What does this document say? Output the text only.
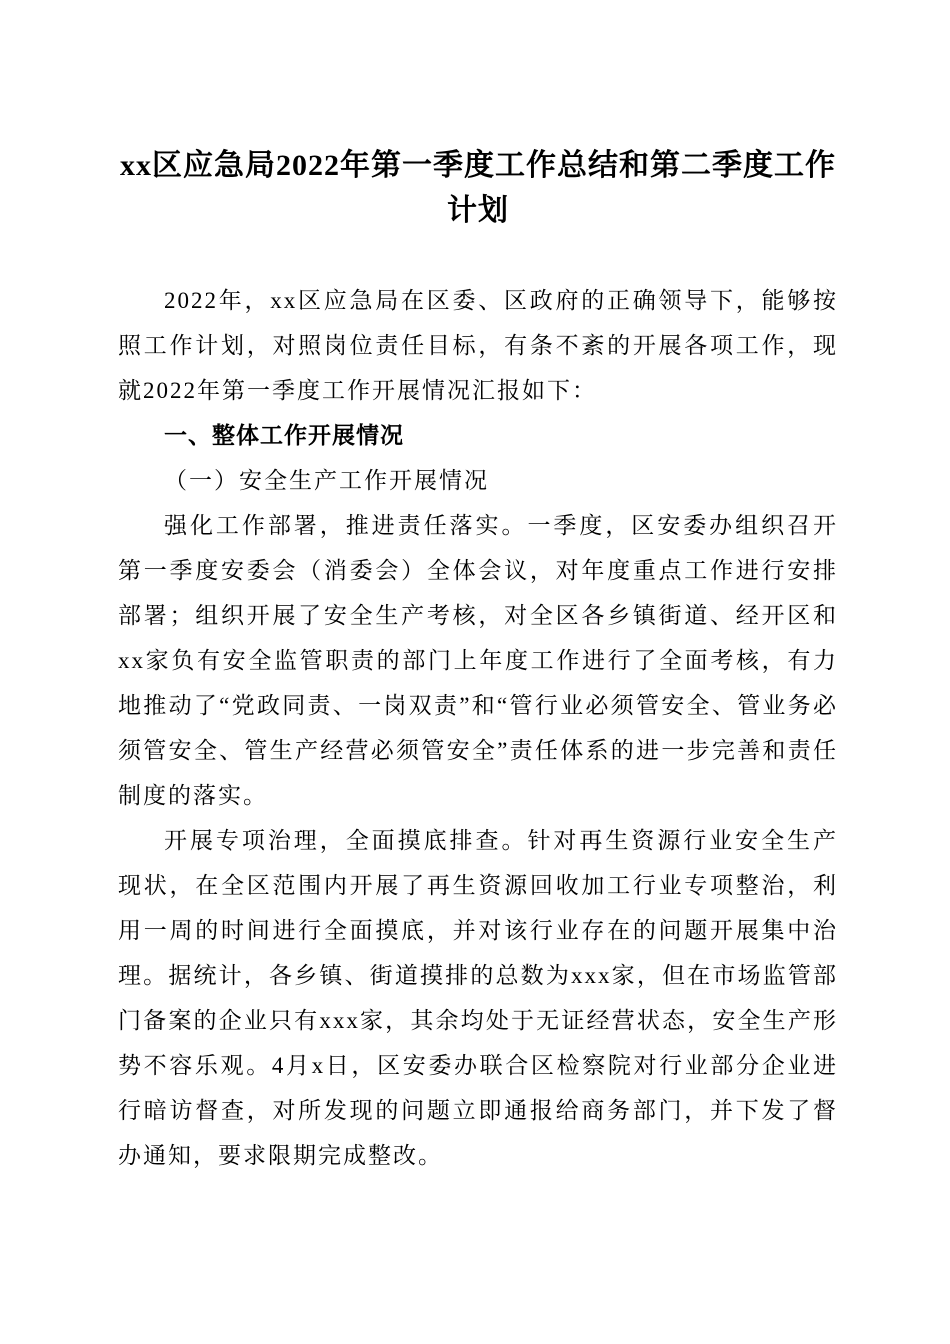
xx区应急局2022年第一季度工作总结和第二季度工作计划

2022年，xx区应急局在区委、区政府的正确领导下，能够按照工作计划，对照岗位责任目标，有条不紊的开展各项工作，现就2022年第一季度工作开展情况汇报如下：

一、整体工作开展情况
（一）安全生产工作开展情况

强化工作部署，推进责任落实。一季度，区安委办组织召开第一季度安委会（消委会）全体会议，对年度重点工作进行安排部署；组织开展了安全生产考核，对全区各乡镇街道、经开区和xx家负有安全监管职责的部门上年度工作进行了全面考核，有力地推动了“党政同责、一岗双责”和“管行业必须管安全、管业务必须管安全、管生产经营必须管安全”责任体系的进一步完善和责任制度的落实。

开展专项治理，全面摸底排查。针对再生资源行业安全生产现状，在全区范围内开展了再生资源回收加工行业专项整治，利用一周的时间进行全面摸底，并对该行业存在的问题开展集中治理。据统计，各乡镇、街道摸排的总数为xxx家，但在市场监管部门备案的企业只有xxx家，其余均处于无证经营状态，安全生产形势不容乐观。4月x日，区安委办联合区检察院对行业部分企业进行暗访督查，对所发现的问题立即通报给商务部门，并下发了督办通知，要求限期完成整改。
